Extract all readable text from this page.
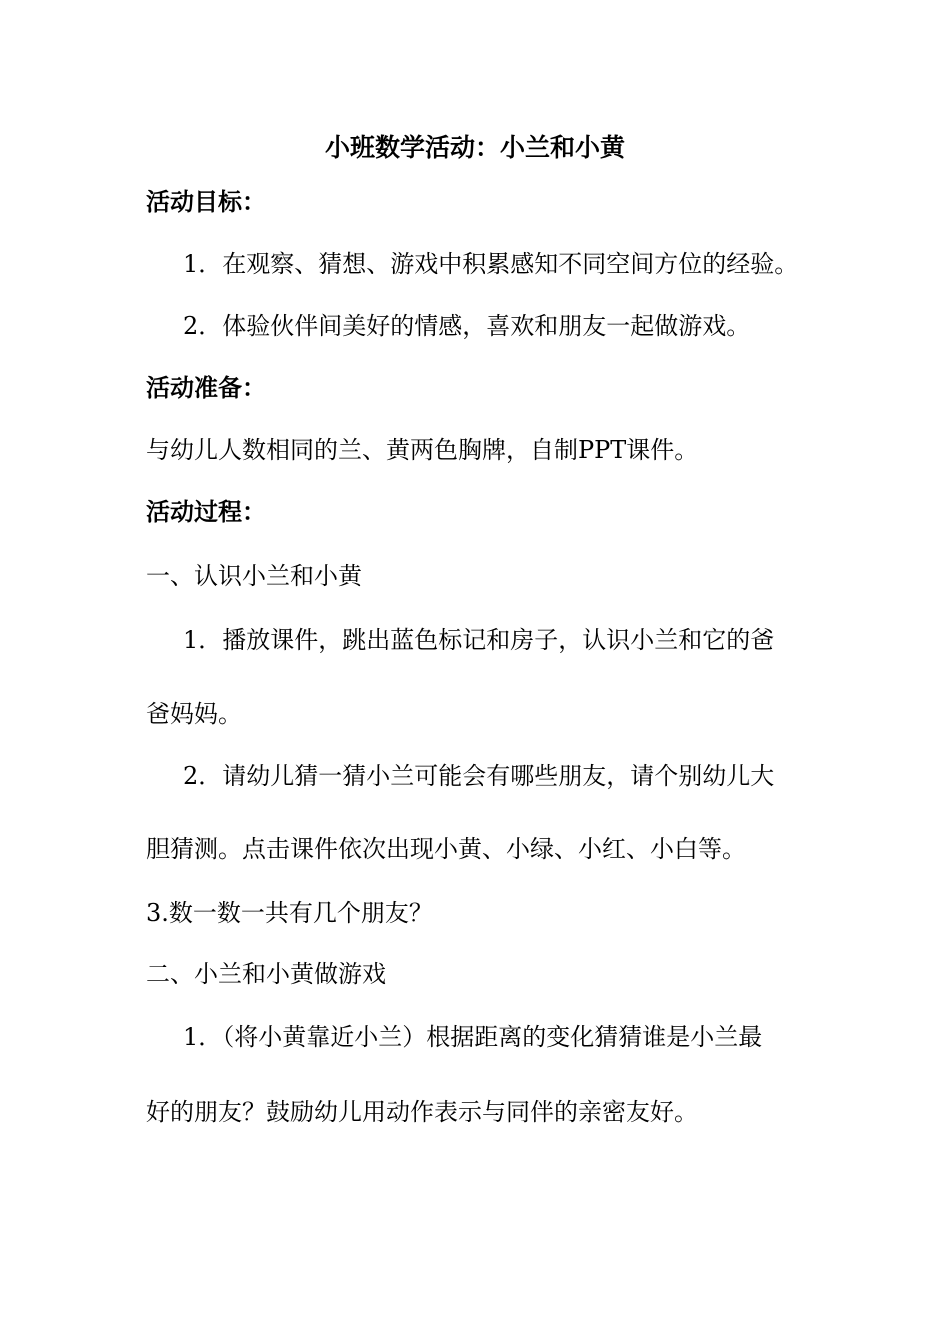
小班数学活动：小兰和小黄
活动目标：
1．在观察、猜想、游戏中积累感知不同空间方位的经验。
2．体验伙伴间美好的情感，喜欢和朋友一起做游戏。
活动准备：
与幼儿人数相同的兰、黄两色胸牌，自制PPT课件。
活动过程：
一、认识小兰和小黄
1．播放课件，跳出蓝色标记和房子，认识小兰和它的爸
爸妈妈。
2．请幼儿猜一猜小兰可能会有哪些朋友，请个别幼儿大
胆猜测。点击课件依次出现小黄、小绿、小红、小白等。
3.数一数一共有几个朋友？
二、小兰和小黄做游戏
1．（将小黄靠近小兰）根据距离的变化猜猜谁是小兰最
好的朋友？鼓励幼儿用动作表示与同伴的亲密友好。
